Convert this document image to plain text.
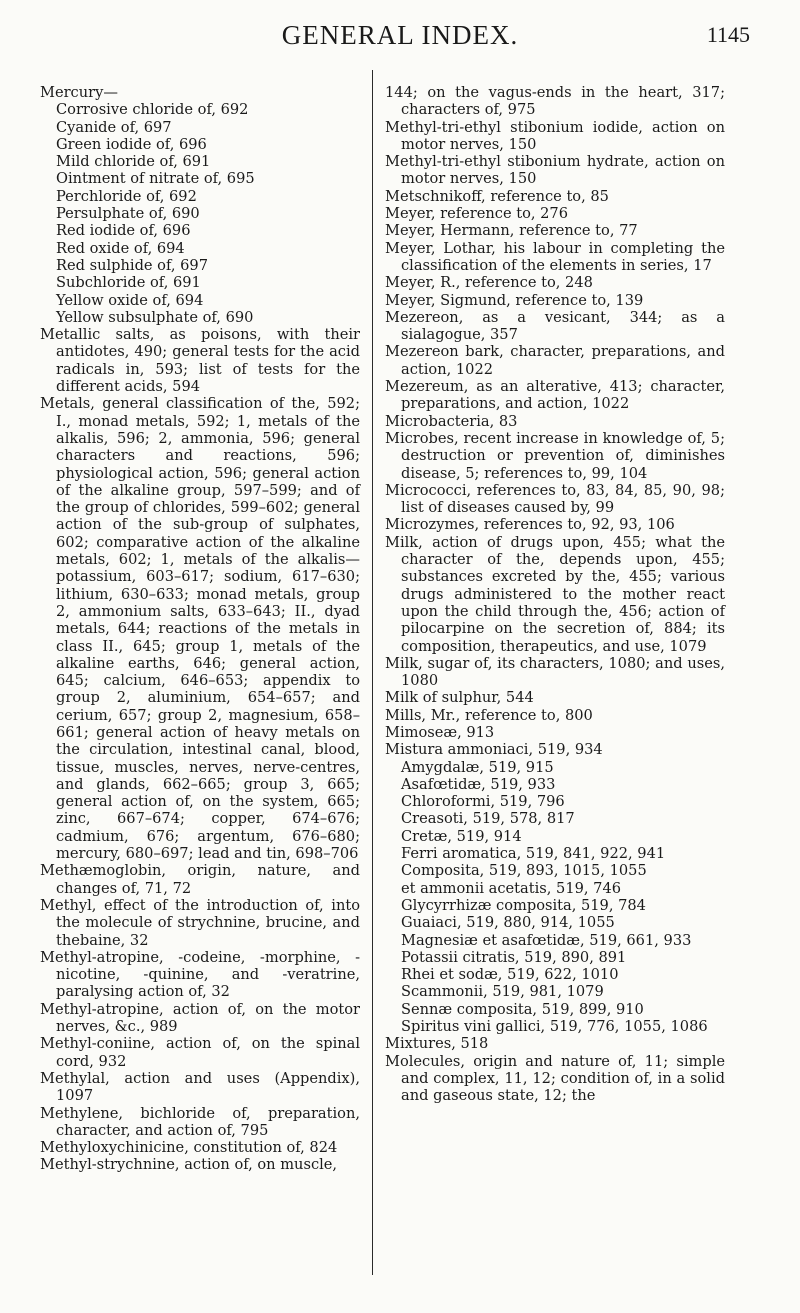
GENERAL INDEX.	1145
Mercury—
Corrosive chloride of, 692
Cyanide of, 697
Green iodide of, 696
Mild chloride of, 691
Ointment of nitrate of, 695
Perchloride of, 692
Persulphate of, 690
Red iodide of, 696
Red oxide of, 694
Red sulphide of, 697
Subchloride of, 691
Yellow oxide of, 694
Yellow subsulphate of, 690
Metallic salts, as poisons, with their antidotes, 490; general tests for the acid radicals in, 593; list of tests for the different acids, 594
Metals, general classification of the, 592; I., monad metals, 592; 1, metals of the alkalis, 596; 2, ammonia, 596; general characters and reactions, 596; physiological action, 596; general action of the alkaline group, 597–599; and of the group of chlorides, 599–602; general action of the sub-group of sulphates, 602; comparative action of the alkaline metals, 602; 1, metals of the alkalis—potassium, 603–617; sodium, 617–630; lithium, 630–633; monad metals, group 2, ammonium salts, 633–643; II., dyad metals, 644; reactions of the metals in class II., 645; group 1, metals of the alkaline earths, 646; general action, 645; calcium, 646–653; appendix to group 2, aluminium, 654–657; and cerium, 657; group 2, magnesium, 658–661; general action of heavy metals on the circulation, intestinal canal, blood, tissue, muscles, nerves, nerve-centres, and glands, 662–665; group 3, 665; general action of, on the system, 665; zinc, 667–674; copper, 674–676; cadmium, 676; argentum, 676–680; mercury, 680–697; lead and tin, 698–706
Methæmoglobin, origin, nature, and changes of, 71, 72
Methyl, effect of the introduction of, into the molecule of strychnine, brucine, and thebaine, 32
Methyl-atropine, -codeine, -morphine, -nicotine, -quinine, and -veratrine, paralysing action of, 32
Methyl-atropine, action of, on the motor nerves, &c., 989
Methyl-coniine, action of, on the spinal cord, 932
Methylal, action and uses (Appendix), 1097
Methylene, bichloride of, preparation, character, and action of, 795
Methyloxychinicine, constitution of, 824
Methyl-strychnine, action of, on muscle,
144; on the vagus-ends in the heart, 317; characters of, 975
Methyl-tri-ethyl stibonium iodide, action on motor nerves, 150
Methyl-tri-ethyl stibonium hydrate, action on motor nerves, 150
Metschnikoff, reference to, 85
Meyer, reference to, 276
Meyer, Hermann, reference to, 77
Meyer, Lothar, his labour in completing the classification of the elements in series, 17
Meyer, R., reference to, 248
Meyer, Sigmund, reference to, 139
Mezereon, as a vesicant, 344; as a sialagogue, 357
Mezereon bark, character, preparations, and action, 1022
Mezereum, as an alterative, 413; character, preparations, and action, 1022
Microbacteria, 83
Microbes, recent increase in knowledge of, 5; destruction or prevention of, diminishes disease, 5; references to, 99, 104
Micrococci, references to, 83, 84, 85, 90, 98; list of diseases caused by, 99
Microzymes, references to, 92, 93, 106
Milk, action of drugs upon, 455; what the character of the, depends upon, 455; substances excreted by the, 455; various drugs administered to the mother react upon the child through the, 456; action of pilocarpine on the secretion of, 884; its composition, therapeutics, and use, 1079
Milk, sugar of, its characters, 1080; and uses, 1080
Milk of sulphur, 544
Mills, Mr., reference to, 800
Mimoseæ, 913
Mistura ammoniaci, 519, 934
Amygdalæ, 519, 915
Asafœtidæ, 519, 933
Chloroformi, 519, 796
Creasoti, 519, 578, 817
Cretæ, 519, 914
Ferri aromatica, 519, 841, 922, 941
Composita, 519, 893, 1015, 1055
et ammonii acetatis, 519, 746
Glycyrrhizæ composita, 519, 784
Guaiaci, 519, 880, 914, 1055
Magnesiæ et asafœtidæ, 519, 661, 933
Potassii citratis, 519, 890, 891
Rhei et sodæ, 519, 622, 1010
Scammonii, 519, 981, 1079
Sennæ composita, 519, 899, 910
Spiritus vini gallici, 519, 776, 1055, 1086
Mixtures, 518
Molecules, origin and nature of, 11; simple and complex, 11, 12; condition of, in a solid and gaseous state, 12; the
